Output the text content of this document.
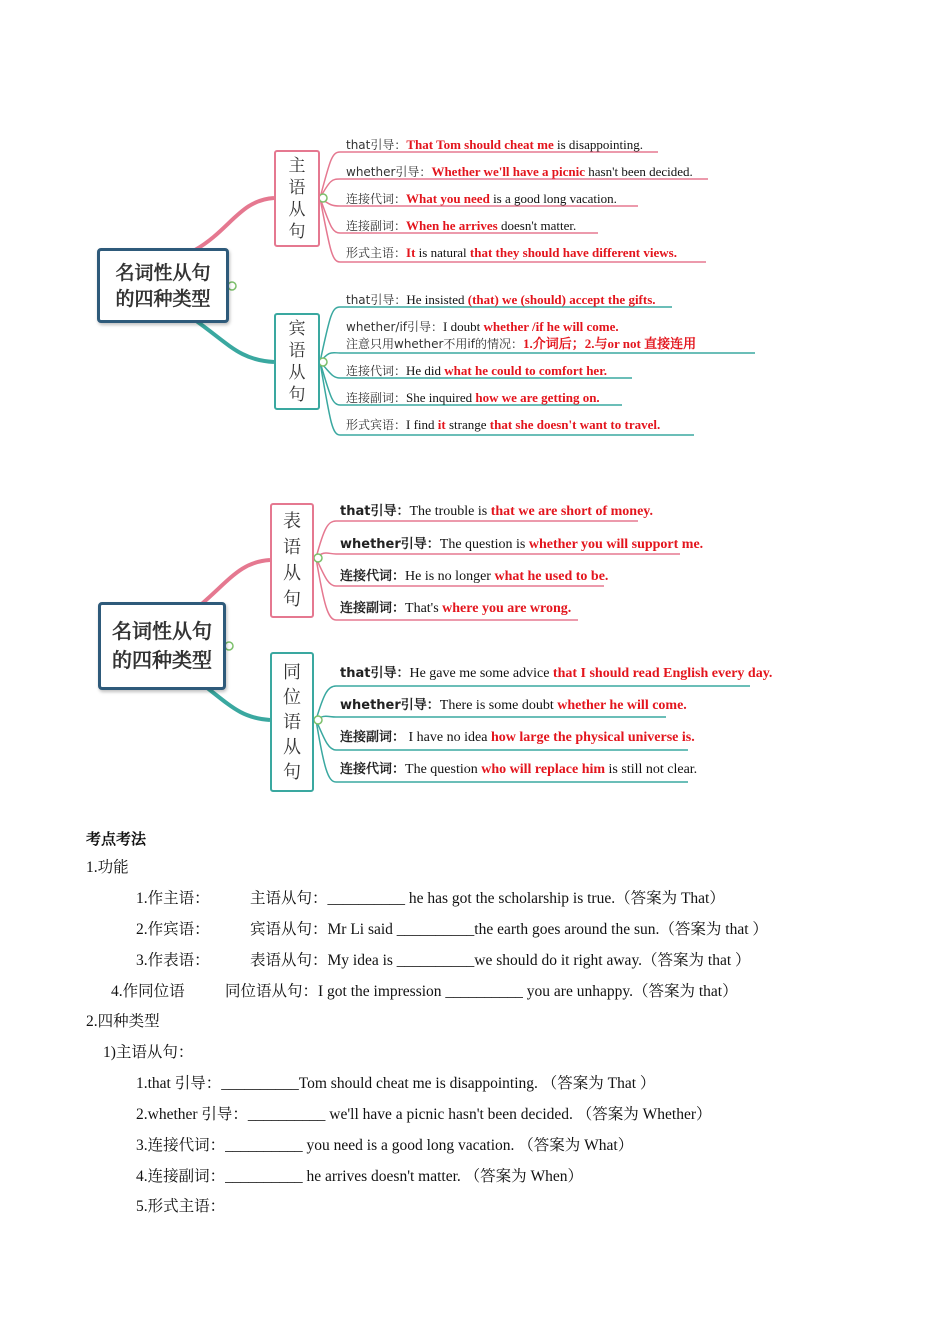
名词性从句
的四种类型
主
语
从
句
宾
语
从
句
that引导：That Tom should cheat me is disappointing.
whether引导：Whether we'll have a picnic hasn't been decided.
连接代词：What you need is a good long vacation.
连接副词：When he arrives doesn't matter.
形式主语：It is natural that they should have different views.
that引导：He insisted (that) we (should) accept the gifts.
whether/if引导：I doubt whether /if he will come.
注意只用whether不用if的情况：1.介词后；2.与or not 直接连用
连接代词：He did what he could to comfort her.
连接副词：She inquired how we are getting on.
形式宾语：I find it strange that she doesn't want to travel.
名词性从句
的四种类型
表
语
从
句
同
位
语
从
句
that引导：The trouble is that we are short of money.
whether引导：The question is whether you will support me.
连接代词：He is no longer what he used to be.
连接副词：That's where you are wrong.
that引导：He gave me some advice that I should read English every day.
whether引导：There is some doubt whether he will come.
连接副词： I have no idea how large the physical universe is.
连接代词：The question who will replace him is still not clear.
考点考法
1.功能
1.作主语：	主语从句：__________ he has got the scholarship is true.（答案为 That）
2.作宾语：	宾语从句：Mr Li said __________the earth goes around the sun.（答案为 that ）
3.作表语：	表语从句：My idea is __________we should do it right away.（答案为 that ）
4.作同位语	同位语从句：I got the impression __________ you are unhappy.（答案为 that）
2.四种类型
1)主语从句：
1.that 引导：__________Tom should cheat me is disappointing. （答案为 That ）
2.whether 引导：__________ we'll have a picnic hasn't been decided. （答案为 Whether）
3.连接代词：__________ you need is a good long vacation. （答案为 What）
4.连接副词：__________ he arrives doesn't matter. （答案为 When）
5.形式主语：
